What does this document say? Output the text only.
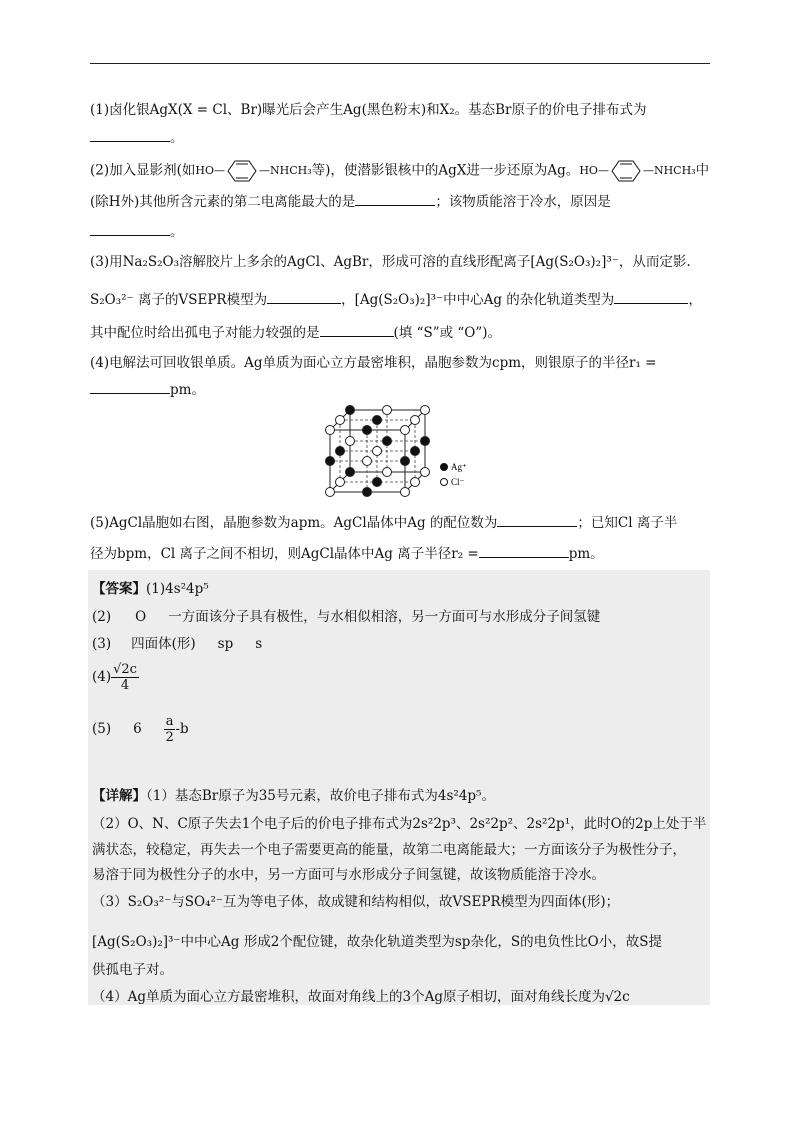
(1)卤化银AgX(X = Cl、Br)曝光后会产生Ag(黑色粉末)和X₂。基态Br原子的价电子排布式为
。
(2)加入显影剂(如 HO—	—NHCH₃ 等)，使潜影银核中的AgX进一步还原为Ag。 HO—	—NHCH₃ 中
(除H外)其他所含元素的第二电离能最大的是	；该物质能溶于冷水，原因是
。
(3)用Na₂S₂O₃溶解胶片上多余的AgCl、AgBr，形成可溶的直线形配离子[Ag(S₂O₃)₂]³⁻，从而定影.
S₂O₃²⁻ 离子的VSEPR模型为	，[Ag(S₂O₃)₂]³⁻中中心Ag 的杂化轨道类型为	，
其中配位时给出孤电子对能力较强的是	(填 “S”或 “O”)。
(4)电解法可回收银单质。Ag单质为面心立方最密堆积，晶胞参数为cpm，则银原子的半径r₁ =
pm。
Ag⁺
Cl⁻
(5)AgCl晶胞如右图，晶胞参数为apm。AgCl晶体中Ag 的配位数为	；已知Cl 离子半
径为bpm，Cl 离子之间不相切，则AgCl晶体中Ag 离子半径r₂ =	pm。
【答案】(1)4s²4p⁵
(2) O 一方面该分子具有极性，与水相似相溶，另一方面可与水形成分子间氢键
(3) 四面体(形) sp s
$(4) \frac{√2c}{4}$
(5) $6 \frac{a}{2} -b$
【详解】（1）基态Br原子为35号元素，故价电子排布式为4s²4p⁵。
（2）O、N、C原子失去1个电子后的价电子排布式为2s²2p³、2s²2p²、2s²2p¹，此时O的2p上处于半
满状态，较稳定，再失去一个电子需要更高的能量，故第二电离能最大；一方面该分子为极性分子，
易溶于同为极性分子的水中，另一方面可与水形成分子间氢键，故该物质能溶于冷水。
（3）S₂O₃²⁻与SO₄²⁻互为等电子体，故成键和结构相似，故VSEPR模型为四面体(形)；
[Ag(S₂O₃)₂]³⁻中中心Ag 形成2个配位键，故杂化轨道类型为sp杂化，S的电负性比O小，故S提
供孤电子对。
（4）Ag单质为面心立方最密堆积，故面对角线上的3个Ag原子相切，面对角线长度为√2c
